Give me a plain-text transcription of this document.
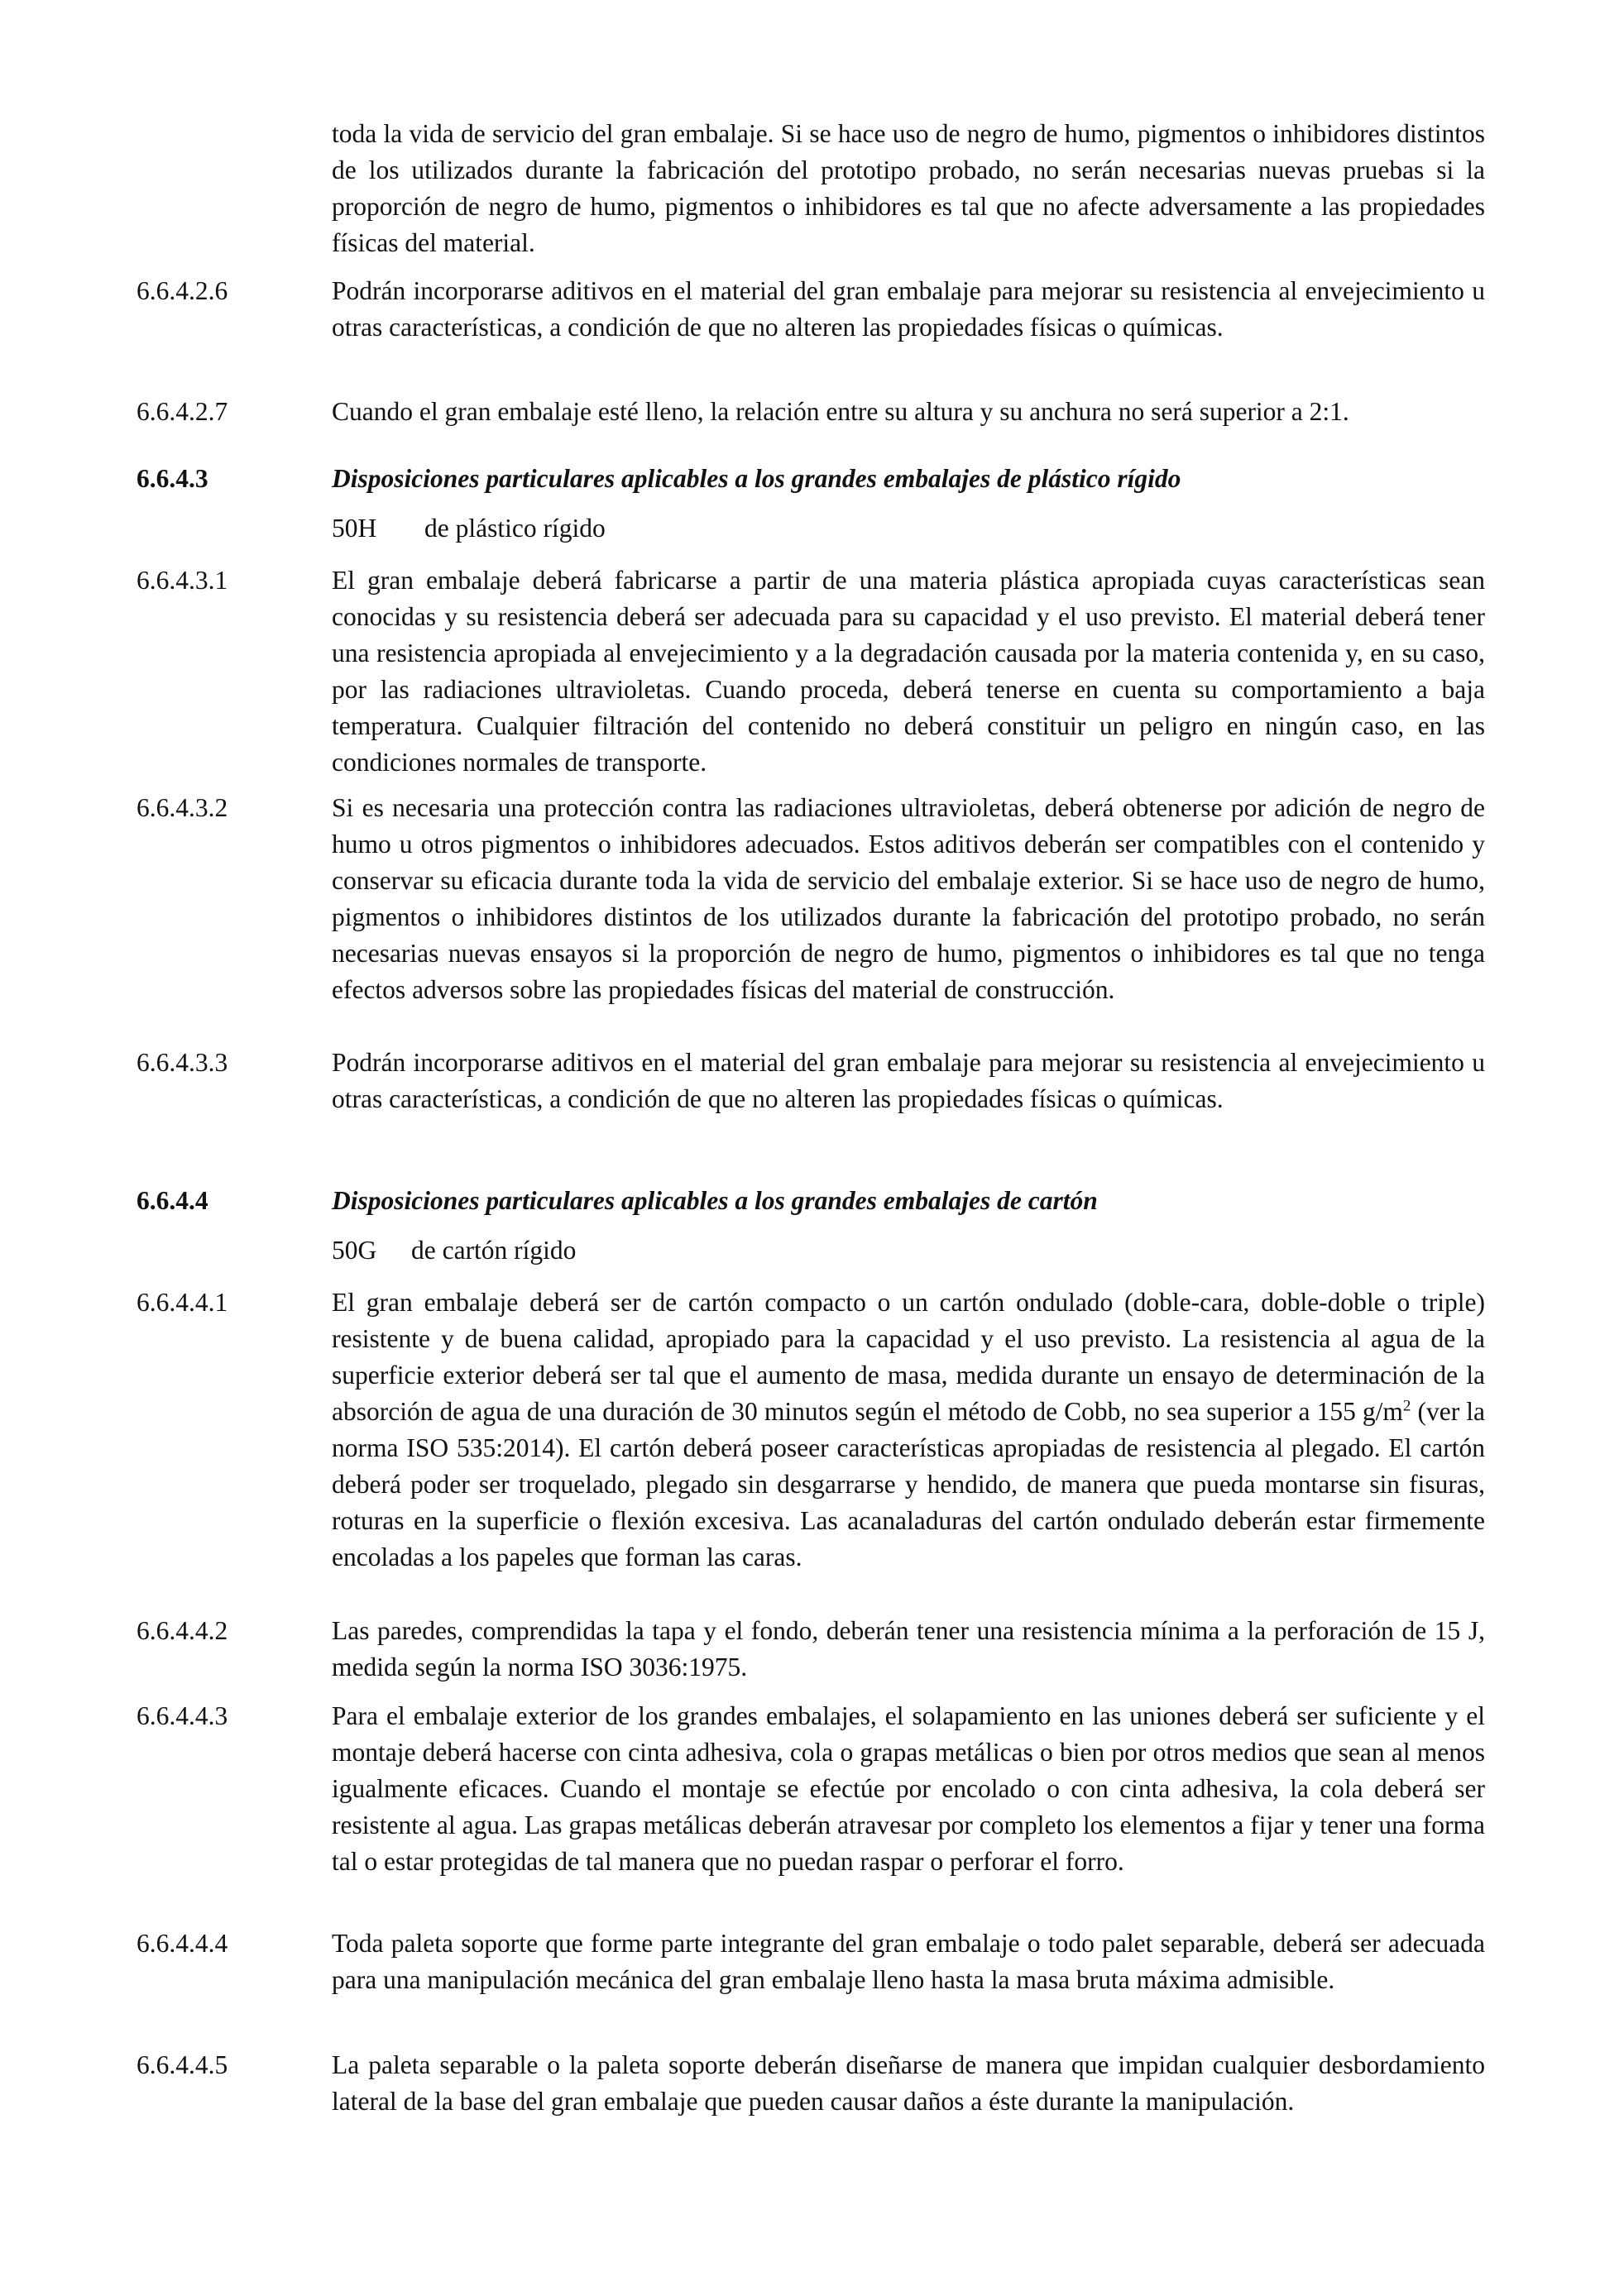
toda la vida de servicio del gran embalaje. Si se hace uso de negro de humo, pigmentos o inhibidores distintos de los utilizados durante la fabricación del prototipo probado, no serán necesarias nuevas pruebas si la proporción de negro de humo, pigmentos o inhibidores es tal que no afecte adversamente a las propiedades físicas del material.
6.6.4.2.6	Podrán incorporarse aditivos en el material del gran embalaje para mejorar su resistencia al envejecimiento u otras características, a condición de que no alteren las propiedades físicas o químicas.
6.6.4.2.7	Cuando el gran embalaje esté lleno, la relación entre su altura y su anchura no será superior a 2:1.
6.6.4.3	Disposiciones particulares aplicables a los grandes embalajes de plástico rígido
50H de plástico rígido
6.6.4.3.1	El gran embalaje deberá fabricarse a partir de una materia plástica apropiada cuyas características sean conocidas y su resistencia deberá ser adecuada para su capacidad y el uso previsto. El material deberá tener una resistencia apropiada al envejecimiento y a la degradación causada por la materia contenida y, en su caso, por las radiaciones ultravioletas. Cuando proceda, deberá tenerse en cuenta su comportamiento a baja temperatura. Cualquier filtración del contenido no deberá constituir un peligro en ningún caso, en las condiciones normales de transporte.
6.6.4.3.2	Si es necesaria una protección contra las radiaciones ultravioletas, deberá obtenerse por adición de negro de humo u otros pigmentos o inhibidores adecuados. Estos aditivos deberán ser compatibles con el contenido y conservar su eficacia durante toda la vida de servicio del embalaje exterior. Si se hace uso de negro de humo, pigmentos o inhibidores distintos de los utilizados durante la fabricación del prototipo probado, no serán necesarias nuevas ensayos si la proporción de negro de humo, pigmentos o inhibidores es tal que no tenga efectos adversos sobre las propiedades físicas del material de construcción.
6.6.4.3.3	Podrán incorporarse aditivos en el material del gran embalaje para mejorar su resistencia al envejecimiento u otras características, a condición de que no alteren las propiedades físicas o químicas.
6.6.4.4	Disposiciones particulares aplicables a los grandes embalajes de cartón
50G de cartón rígido
6.6.4.4.1	El gran embalaje deberá ser de cartón compacto o un cartón ondulado (doble-cara, doble-doble o triple) resistente y de buena calidad, apropiado para la capacidad y el uso previsto. La resistencia al agua de la superficie exterior deberá ser tal que el aumento de masa, medida durante un ensayo de determinación de la absorción de agua de una duración de 30 minutos según el método de Cobb, no sea superior a 155 $g/m^2$ (ver la norma ISO 535:2014). El cartón deberá poseer características apropiadas de resistencia al plegado. El cartón deberá poder ser troquelado, plegado sin desgarrarse y hendido, de manera que pueda montarse sin fisuras, roturas en la superficie o flexión excesiva. Las acanaladuras del cartón ondulado deberán estar firmemente encoladas a los papeles que forman las caras.
6.6.4.4.2	Las paredes, comprendidas la tapa y el fondo, deberán tener una resistencia mínima a la perforación de 15 J, medida según la norma ISO 3036:1975.
6.6.4.4.3	Para el embalaje exterior de los grandes embalajes, el solapamiento en las uniones deberá ser suficiente y el montaje deberá hacerse con cinta adhesiva, cola o grapas metálicas o bien por otros medios que sean al menos igualmente eficaces. Cuando el montaje se efectúe por encolado o con cinta adhesiva, la cola deberá ser resistente al agua. Las grapas metálicas deberán atravesar por completo los elementos a fijar y tener una forma tal o estar protegidas de tal manera que no puedan raspar o perforar el forro.
6.6.4.4.4	Toda paleta soporte que forme parte integrante del gran embalaje o todo palet separable, deberá ser adecuada para una manipulación mecánica del gran embalaje lleno hasta la masa bruta máxima admisible.
6.6.4.4.5	La paleta separable o la paleta soporte deberán diseñarse de manera que impidan cualquier desbordamiento lateral de la base del gran embalaje que pueden causar daños a éste durante la manipulación.
